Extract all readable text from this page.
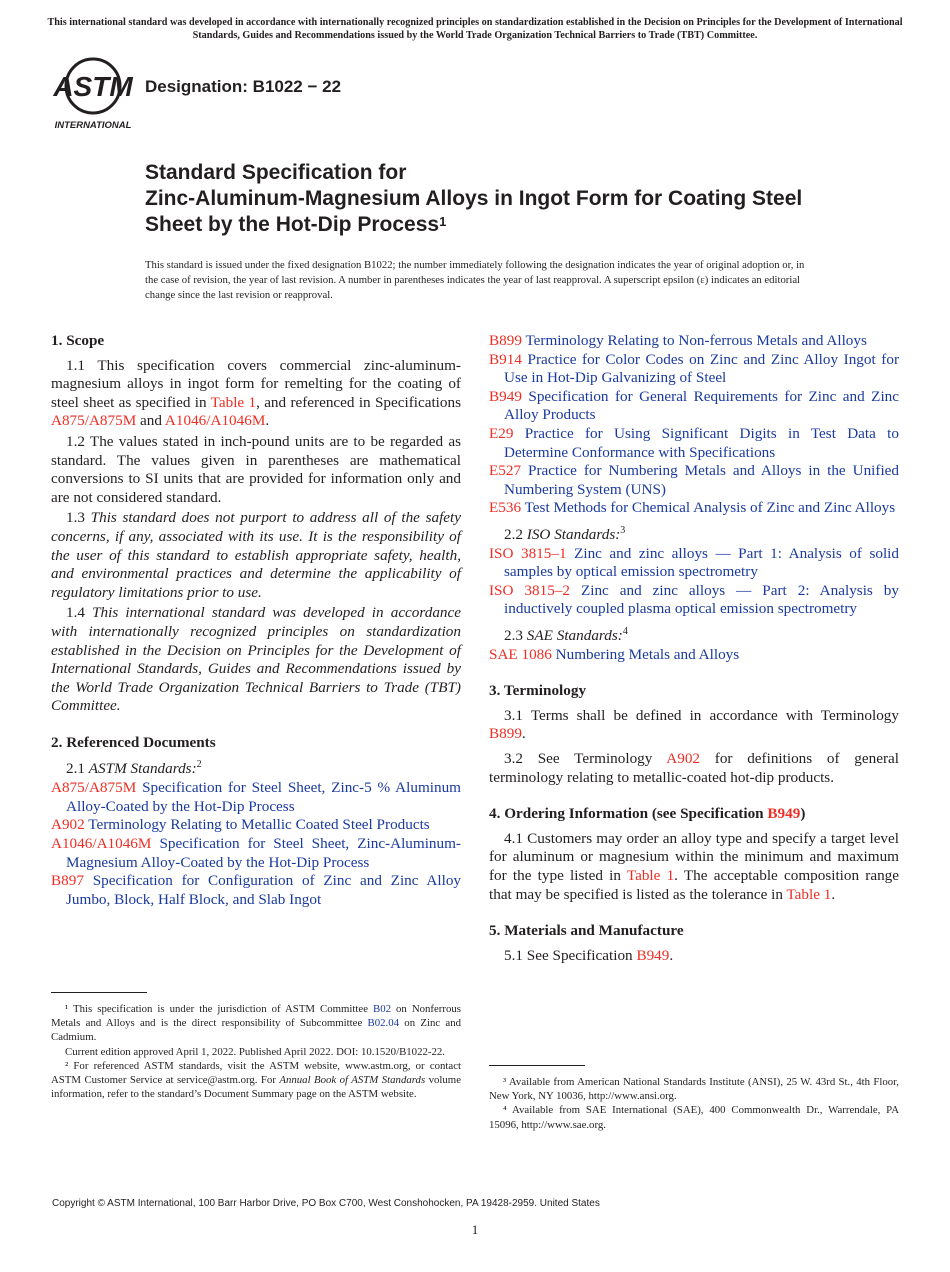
This international standard was developed in accordance with internationally recognized principles on standardization established in the Decision on Principles for the Development of International Standards, Guides and Recommendations issued by the World Trade Organization Technical Barriers to Trade (TBT) Committee.
ASTM
INTERNATIONAL
Designation: B1022 − 22
Standard Specification for
Zinc-Aluminum-Magnesium Alloys in Ingot Form for Coating Steel Sheet by the Hot-Dip Process$^1$
This standard is issued under the fixed designation B1022; the number immediately following the designation indicates the year of original adoption or, in the case of revision, the year of last revision. A number in parentheses indicates the year of last reapproval. A superscript epsilon (ε) indicates an editorial change since the last revision or reapproval.

1. Scope

1.1 This specification covers commercial zinc-aluminum-magnesium alloys in ingot form for remelting for the coating of steel sheet as specified in Table 1, and referenced in Specifications A875/A875M and A1046/A1046M.

1.2 The values stated in inch-pound units are to be regarded as standard. The values given in parentheses are mathematical conversions to SI units that are provided for information only and are not considered standard.

1.3 This standard does not purport to address all of the safety concerns, if any, associated with its use. It is the responsibility of the user of this standard to establish appropriate safety, health, and environmental practices and determine the applicability of regulatory limitations prior to use.

1.4 This international standard was developed in accordance with internationally recognized principles on standardization established in the Decision on Principles for the Development of International Standards, Guides and Recommendations issued by the World Trade Organization Technical Barriers to Trade (TBT) Committee.

2. Referenced Documents

2.1 ASTM Standards:$^2$

A875/A875M Specification for Steel Sheet, Zinc-5 % Aluminum Alloy-Coated by the Hot-Dip Process

A902 Terminology Relating to Metallic Coated Steel Products

A1046/A1046M Specification for Steel Sheet, Zinc-Aluminum-Magnesium Alloy-Coated by the Hot-Dip Process

B897 Specification for Configuration of Zinc and Zinc Alloy Jumbo, Block, Half Block, and Slab Ingot

¹ This specification is under the jurisdiction of ASTM Committee B02 on Nonferrous Metals and Alloys and is the direct responsibility of Subcommittee B02.04 on Zinc and Cadmium.

Current edition approved April 1, 2022. Published April 2022. DOI: 10.1520/B1022-22.

² For referenced ASTM standards, visit the ASTM website, www.astm.org, or contact ASTM Customer Service at service@astm.org. For Annual Book of ASTM Standards volume information, refer to the standard’s Document Summary page on the ASTM website.

B899 Terminology Relating to Non-ferrous Metals and Alloys

B914 Practice for Color Codes on Zinc and Zinc Alloy Ingot for Use in Hot-Dip Galvanizing of Steel

B949 Specification for General Requirements for Zinc and Zinc Alloy Products

E29 Practice for Using Significant Digits in Test Data to Determine Conformance with Specifications

E527 Practice for Numbering Metals and Alloys in the Unified Numbering System (UNS)

E536 Test Methods for Chemical Analysis of Zinc and Zinc Alloys

2.2 ISO Standards:$^3$

ISO 3815–1 Zinc and zinc alloys — Part 1: Analysis of solid samples by optical emission spectrometry

ISO 3815–2 Zinc and zinc alloys — Part 2: Analysis by inductively coupled plasma optical emission spectrometry

2.3 SAE Standards:$^4$

SAE 1086 Numbering Metals and Alloys

3. Terminology

3.1 Terms shall be defined in accordance with Terminology B899.

3.2 See Terminology A902 for definitions of general terminology relating to metallic-coated hot-dip products.

4. Ordering Information (see Specification B949)

4.1 Customers may order an alloy type and specify a target level for aluminum or magnesium within the minimum and maximum for the type listed in Table 1. The acceptable composition range that may be specified is listed as the tolerance in Table 1.

5. Materials and Manufacture

5.1 See Specification B949.

³ Available from American National Standards Institute (ANSI), 25 W. 43rd St., 4th Floor, New York, NY 10036, http://www.ansi.org.

⁴ Available from SAE International (SAE), 400 Commonwealth Dr., Warrendale, PA 15096, http://www.sae.org.

Copyright © ASTM International, 100 Barr Harbor Drive, PO Box C700, West Conshohocken, PA 19428-2959. United States
1
